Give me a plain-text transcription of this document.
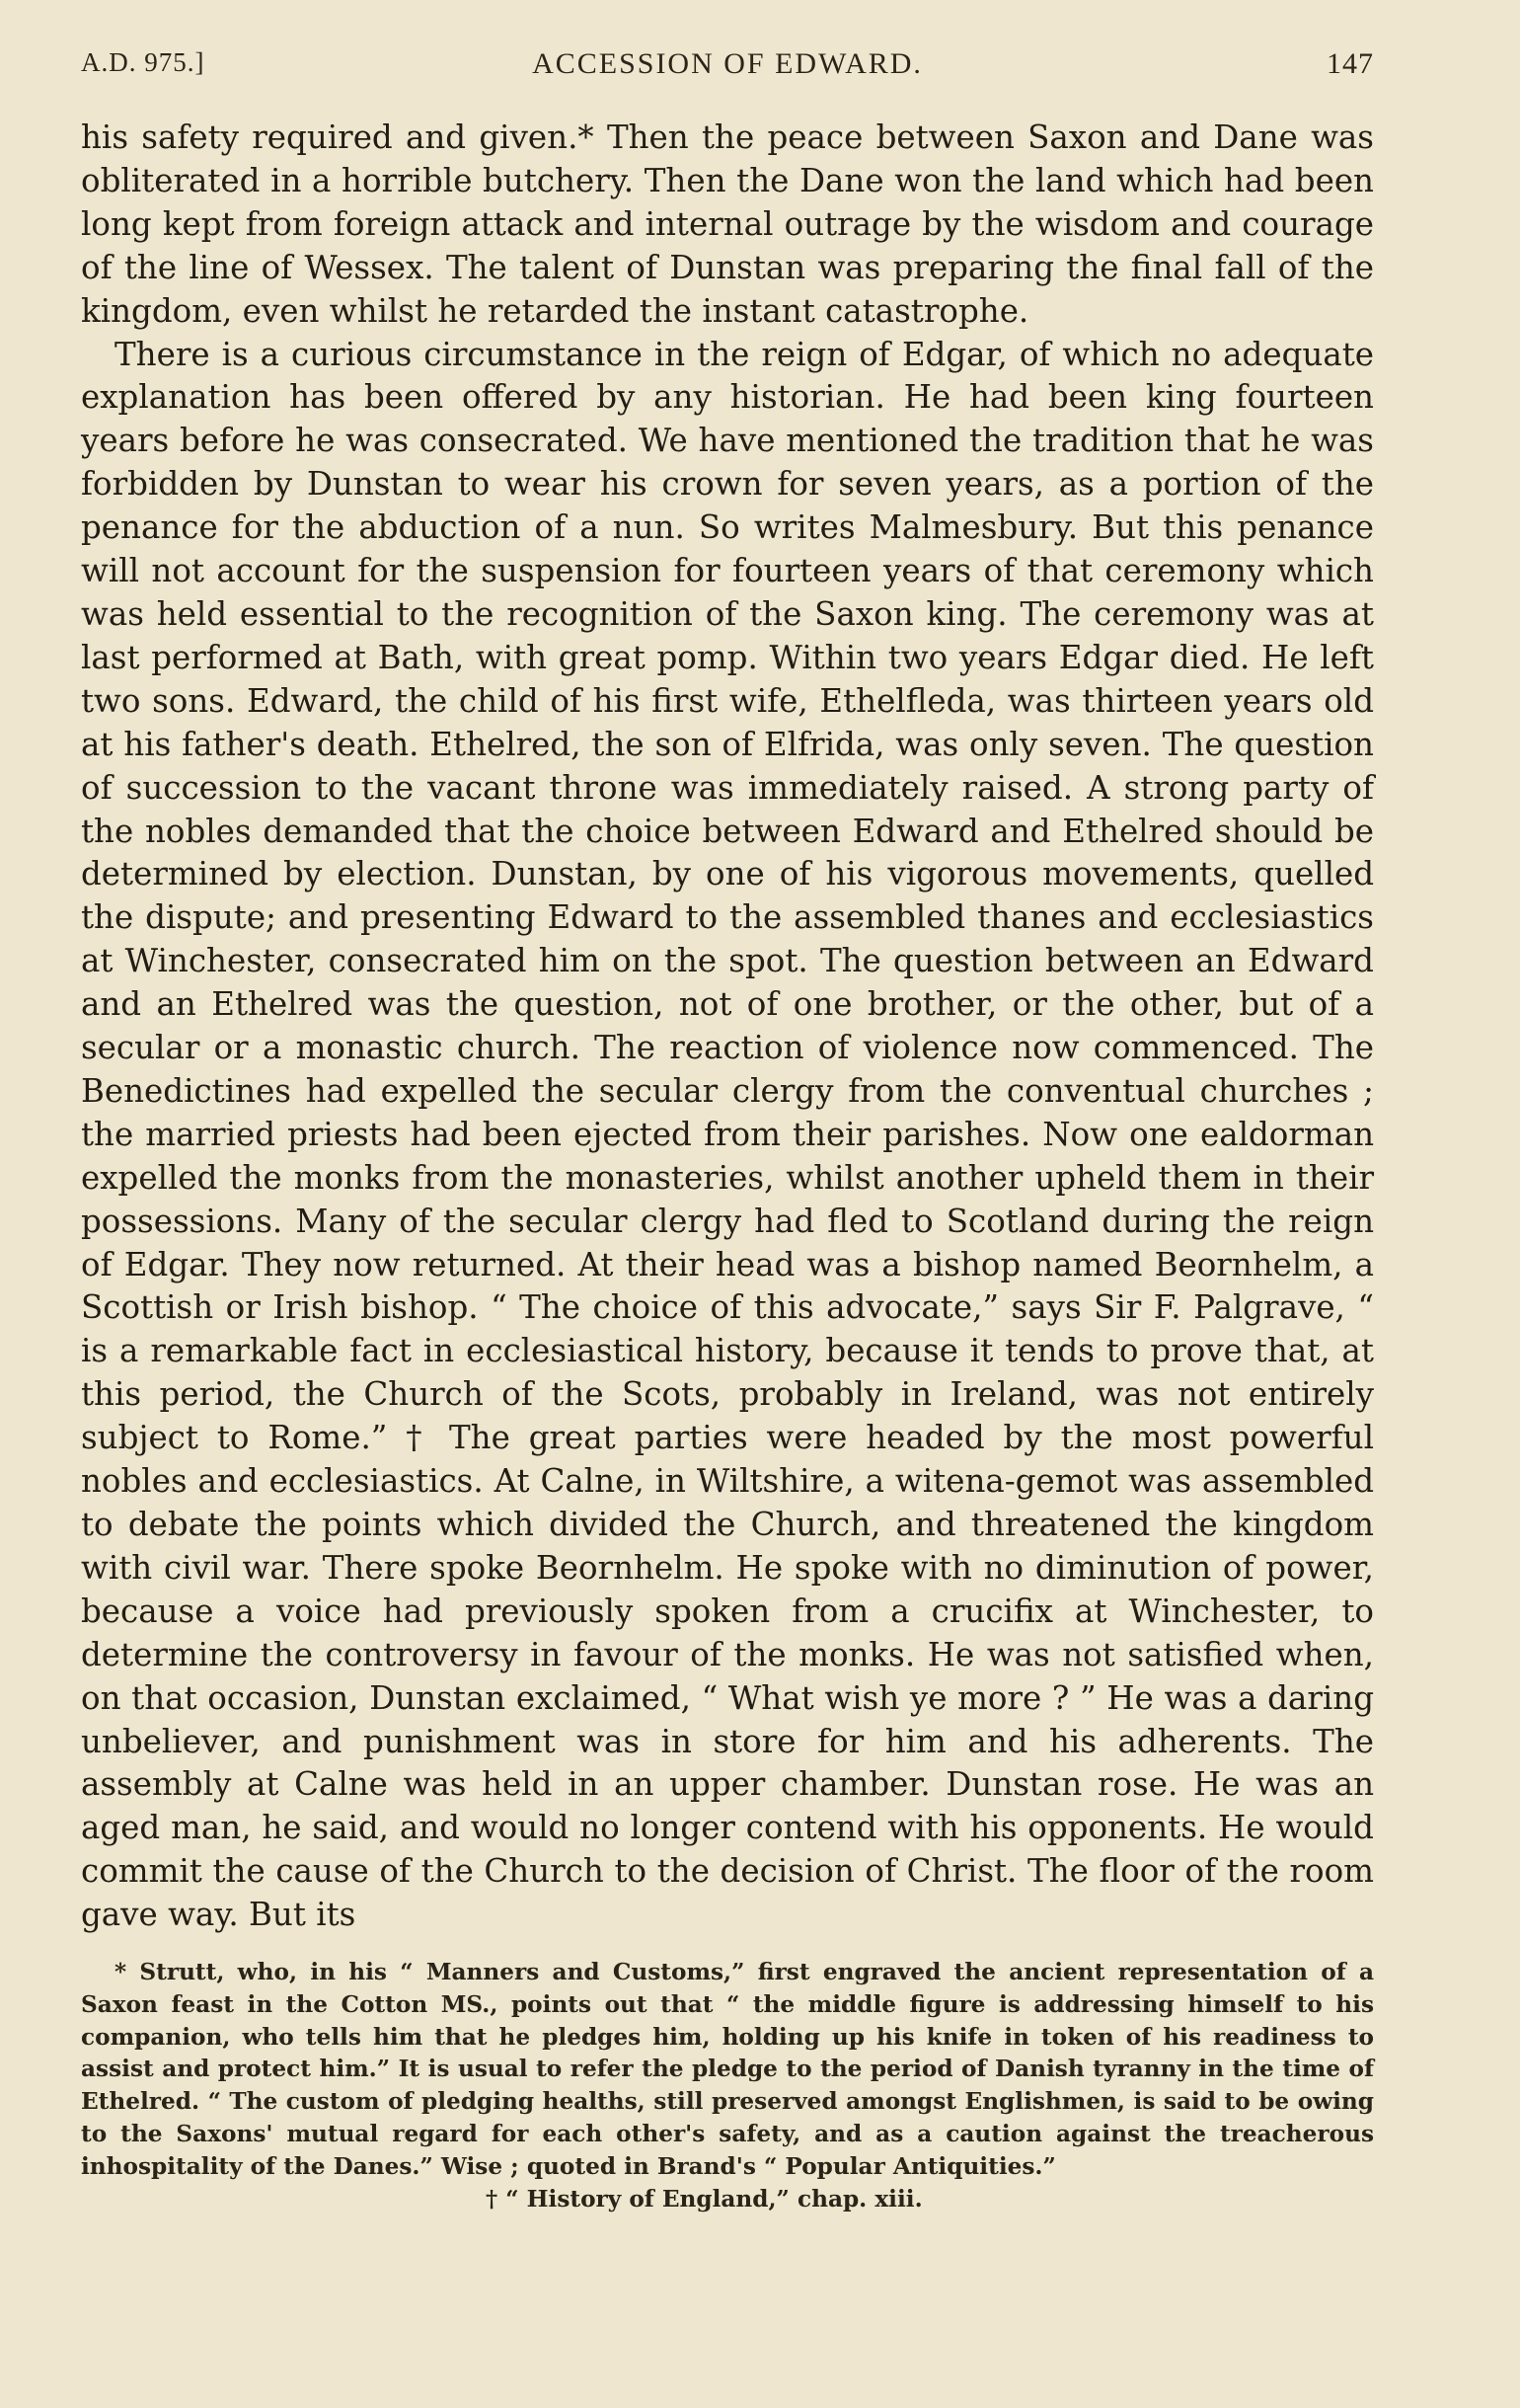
A.D. 975.]	ACCESSION OF EDWARD.	147

his safety required and given.* Then the peace between Saxon and Dane was obliterated in a horrible butchery. Then the Dane won the land which had been long kept from foreign attack and internal outrage by the wisdom and courage of the line of Wessex. The talent of Dunstan was preparing the final fall of the kingdom, even whilst he retarded the instant catastrophe.

There is a curious circumstance in the reign of Edgar, of which no adequate explanation has been offered by any historian. He had been king fourteen years before he was consecrated. We have mentioned the tradition that he was forbidden by Dunstan to wear his crown for seven years, as a portion of the penance for the abduction of a nun. So writes Malmesbury. But this penance will not account for the suspension for fourteen years of that ceremony which was held essential to the recognition of the Saxon king. The ceremony was at last performed at Bath, with great pomp. Within two years Edgar died. He left two sons. Edward, the child of his first wife, Ethelfleda, was thirteen years old at his father's death. Ethelred, the son of Elfrida, was only seven. The question of succession to the vacant throne was immediately raised. A strong party of the nobles demanded that the choice between Edward and Ethelred should be determined by election. Dunstan, by one of his vigorous movements, quelled the dispute; and presenting Edward to the assembled thanes and ecclesiastics at Winchester, consecrated him on the spot. The question between an Edward and an Ethelred was the question, not of one brother, or the other, but of a secular or a monastic church. The reaction of violence now commenced. The Benedictines had expelled the secular clergy from the conventual churches ; the married priests had been ejected from their parishes. Now one ealdorman expelled the monks from the monasteries, whilst another upheld them in their possessions. Many of the secular clergy had fled to Scotland during the reign of Edgar. They now returned. At their head was a bishop named Beornhelm, a Scottish or Irish bishop. “ The choice of this advocate,” says Sir F. Palgrave, “ is a remarkable fact in ecclesiastical history, because it tends to prove that, at this period, the Church of the Scots, probably in Ireland, was not entirely subject to Rome.” † The great parties were headed by the most powerful nobles and ecclesiastics. At Calne, in Wiltshire, a witena-gemot was assembled to debate the points which divided the Church, and threatened the kingdom with civil war. There spoke Beornhelm. He spoke with no diminution of power, because a voice had previously spoken from a crucifix at Winchester, to determine the controversy in favour of the monks. He was not satisfied when, on that occasion, Dunstan exclaimed, “ What wish ye more ? ” He was a daring unbeliever, and punishment was in store for him and his adherents. The assembly at Calne was held in an upper chamber. Dunstan rose. He was an aged man, he said, and would no longer contend with his opponents. He would commit the cause of the Church to the decision of Christ. The floor of the room gave way. But its

* Strutt, who, in his “ Manners and Customs,” first engraved the ancient representation of a Saxon feast in the Cotton MS., points out that “ the middle figure is addressing himself to his companion, who tells him that he pledges him, holding up his knife in token of his readiness to assist and protect him.” It is usual to refer the pledge to the period of Danish tyranny in the time of Ethelred. “ The custom of pledging healths, still preserved amongst Englishmen, is said to be owing to the Saxons' mutual regard for each other's safety, and as a caution against the treacherous inhospitality of the Danes.” Wise ; quoted in Brand's “ Popular Antiquities.”

† “ History of England,” chap. xiii.
